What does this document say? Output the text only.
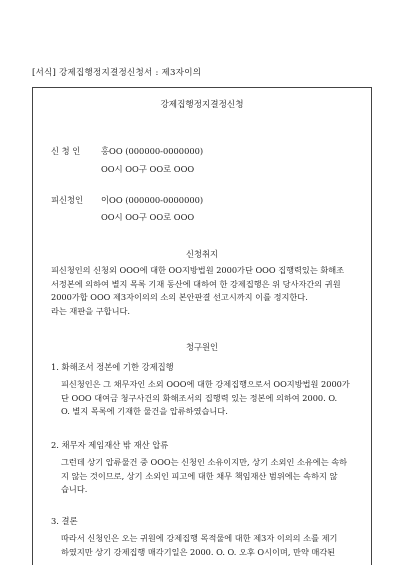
[서식] 강제집행정지결정신청서 : 제3자이의
강제집행정지결정신청
신 청 인 홍OO (000000-0000000)
OO시 OO구 OO로 OOO
피신청인 이OO (000000-0000000)
OO시 OO구 OO로 OOO
신청취지
피신청인의 신청외 OOO에 대한 OO지방법원 2000가단 OOO 집행력있는 화해조
서정본에 의하여 별지 목록 기재 동산에 대하여 한 강제집행은 위 당사자간의 귀원
2000가합 OOO 제3자이의의 소의 본안판결 선고시까지 이를 정지한다.
라는 재판을 구합니다.
청구원인
1. 화해조서 정본에 기한 강제집행
피신청인은 그 채무자인 소외 OOO에 대한 강제집행으로서 OO지방법원 2000가
단 OOO 대여금 청구사건의 화해조서의 집행력 있는 정본에 의하여 2000. O.
O. 별지 목록에 기재한 물건을 압류하였습니다.
2. 채무자 제임재산 밖 재산 압류
그런데 상기 압류물건 중 OOO는 신청인 소유이지만, 상기 소외인 소유에는 속하
지 않는 것이므로, 상기 소외인 피고에 대한 채무 책임재산 범위에는 속하지 않
습니다.
3. 결론
따라서 신청인은 오는 귀원에 강제집행 목적물에 대한 제3자 이의의 소를 제기
하였지만 상기 강제집행 매각기일은 2000. O. O. 오후 O시이며, 만약 매각된
